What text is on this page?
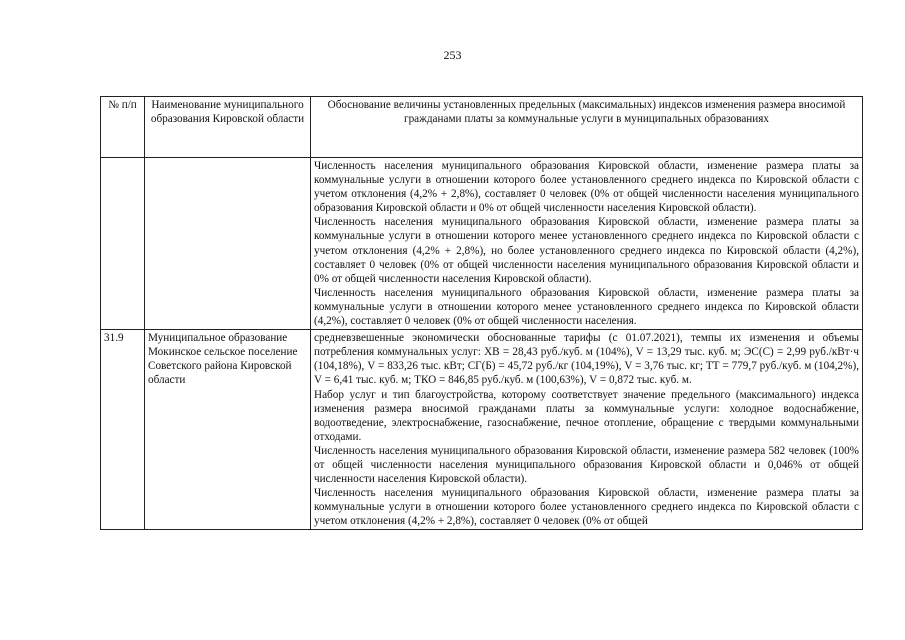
253
№ п/п	Наименование муниципального образования Кировской области	Обоснование величины установленных предельных (максимальных) индексов изменения размера вносимой гражданами платы за коммунальные услуги в муниципальных образованиях

		Численность населения муниципального образования Кировской области, изменение размера платы за коммунальные услуги в отношении которого более установленного среднего индекса по Кировской области с учетом отклонения (4,2% + 2,8%), составляет 0 человек (0% от общей численности населения муниципального образования Кировской области и 0% от общей численности населения Кировской области).

Численность населения муниципального образования Кировской области, изменение размера платы за коммунальные услуги в отношении которого менее установленного среднего индекса по Кировской области с учетом отклонения (4,2% + 2,8%), но более установленного среднего индекса по Кировской области (4,2%), составляет 0 человек (0% от общей численности населения муниципального образования Кировской области и 0% от общей численности населения Кировской области).

Численность населения муниципального образования Кировской области, изменение размера платы за коммунальные услуги в отношении которого менее установленного среднего индекса по Кировской области (4,2%), составляет 0 человек (0% от общей численности населения.

31.9	Муниципальное образование Мокинское сельское поселение Советского района Кировской области	средневзвешенные экономически обоснованные тарифы (с 01.07.2021), темпы их изменения и объемы потребления коммунальных услуг: ХВ = 28,43 руб./куб. м (104%), V = 13,29 тыс. куб. м; ЭС(С) = 2,99 руб./кВт·ч (104,18%), V = 833,26 тыс. кВт; СГ(Б) = 45,72 руб./кг (104,19%), V = 3,76 тыс. кг; ТТ = 779,7 руб./куб. м (104,2%), V = 6,41 тыс. куб. м; ТКО = 846,85 руб./куб. м (100,63%), V = 0,872 тыс. куб. м.

Набор услуг и тип благоустройства, которому соответствует значение предельного (максимального) индекса изменения размера вносимой гражданами платы за коммунальные услуги: холодное водоснабжение, водоотведение, электроснабжение, газоснабжение, печное отопление, обращение с твердыми коммунальными отходами.

Численность населения муниципального образования Кировской области, изменение размера 582 человек (100% от общей численности населения муниципального образования Кировской области и 0,046% от общей численности населения Кировской области).

Численность населения муниципального образования Кировской области, изменение размера платы за коммунальные услуги в отношении которого более установленного среднего индекса по Кировской области с учетом отклонения (4,2% + 2,8%), составляет 0 человек (0% от общей
